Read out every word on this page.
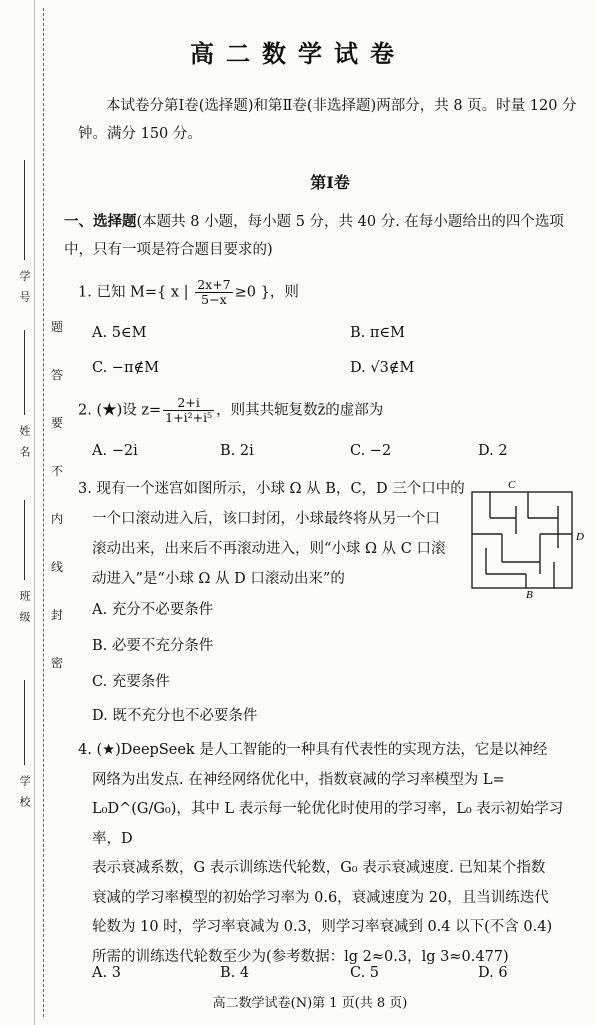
题
答
要
不
内
线
封
密
学号
姓名
班级
学校
高二数学试卷
本试卷分第Ⅰ卷(选择题)和第Ⅱ卷(非选择题)两部分，共 8 页。时量 120 分钟。满分 150 分。
第Ⅰ卷
一、选择题(本题共 8 小题，每小题 5 分，共 40 分. 在每小题给出的四个选项中，只有一项是符合题目要求的)
1. 已知 M={ x | $\frac{2x+7}{5-x} \ge 0$ }，则
A. 5∈M	B. π∈M
C. −π∉M	D. √3∉M
2. (★)设 $z= \frac{2+i}{\text{1+i²+i⁵}}$ ，则其共轭复数z̄的虚部为
A. −2i	B. 2i	C. −2	D. 2
3. 现有一个迷宫如图所示，小球 Ω 从 B，C，D 三个口中的
一个口滚动进入后，该口封闭，小球最终将从另一个口
滚动出来，出来后不再滚动进入，则“小球 Ω 从 C 口滚
动进入”是“小球 Ω 从 D 口滚动出来”的
A. 充分不必要条件
B. 必要不充分条件
C. 充要条件
D. 既不充分也不必要条件
C
D
B
4. (★)DeepSeek 是人工智能的一种具有代表性的实现方法，它是以神经
网络为出发点. 在神经网络优化中，指数衰减的学习率模型为 L=
L₀D^(G/G₀)，其中 L 表示每一轮优化时使用的学习率，L₀ 表示初始学习率，D
表示衰减系数，G 表示训练迭代轮数，G₀ 表示衰减速度. 已知某个指数
衰减的学习率模型的初始学习率为 0.6，衰减速度为 20，且当训练迭代
轮数为 10 时，学习率衰减为 0.3，则学习率衰减到 0.4 以下(不含 0.4)
所需的训练迭代轮数至少为(参考数据：lg 2≈0.3，lg 3≈0.477)
A. 3	B. 4	C. 5	D. 6
高二数学试卷(N)第 1 页(共 8 页)
